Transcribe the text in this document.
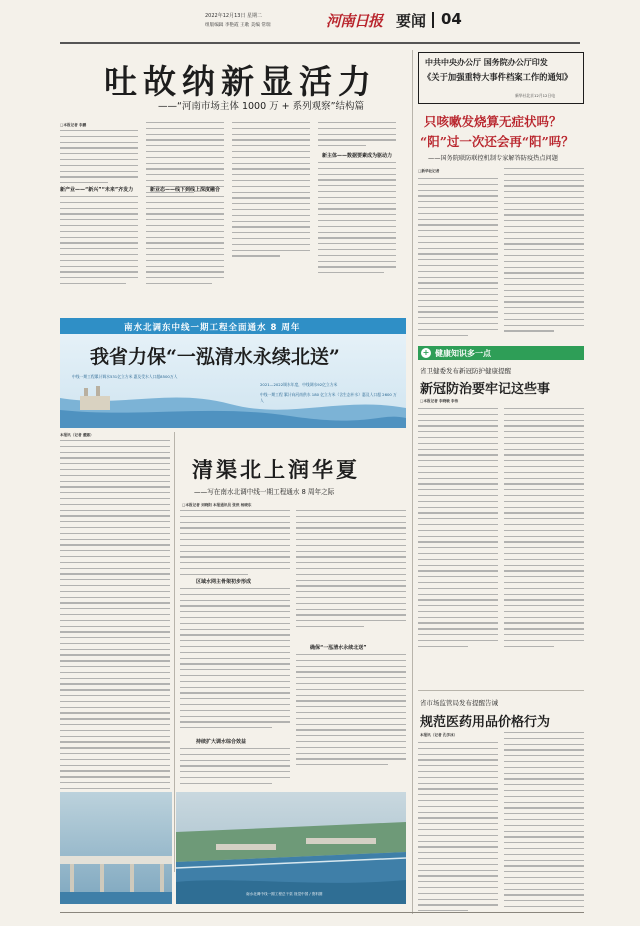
2022年12月13日 星期二
组版编辑 李艳霞 王歌 美编 常瑞	河南日报 要闻 04
吐故纳新显活力
——“河南市场主体 1000 万 + 系列观察”结构篇
□本报记者 李鹏
新产业——“新兴”“未来”齐发力	新业态——线下到线上深度融合
新主体——数据要素成为驱动力
南水北调东中线一期工程全面通水 8 周年
我省力保“一泓清水永续北送”
中线一期工程累计调水531亿立方米 惠及受水人口超8500万人
2021—2022调水年度，中线调水92亿立方米
中线一期工程 累计向河南供水 180 亿立方米（含生态补水）惠及人口超 2600 万人
本报讯（记者 董娜）
清渠北上润华夏
——写在南水北调中线一期工程通水 8 周年之际
□本报记者 刘晓阳 本报通讯员 张侠 杨晓东
区域水网主骨架初步形成
持续扩大调水综合效益
确保“一泓清水永续北送”
南水北调中线一期工程总干渠 视觉中国 / 资料图
中共中央办公厅 国务院办公厅印发
《关于加强重特大事件档案工作的通知》
新华社北京12月12日电
只咳嗽发烧算无症状吗？
“阳”过一次还会再“阳”吗？
——国务院联防联控机制专家解答防疫热点问题
□新华社记者
+ 健康知识多一点
省卫健委发布新冠防护健康提醒
新冠防治要牢记这些事
□本报记者 李晓敏 李伟
省市场监管局发布提醒告诫
规范医药用品价格行为
本报讯（记者 孔学冰）
